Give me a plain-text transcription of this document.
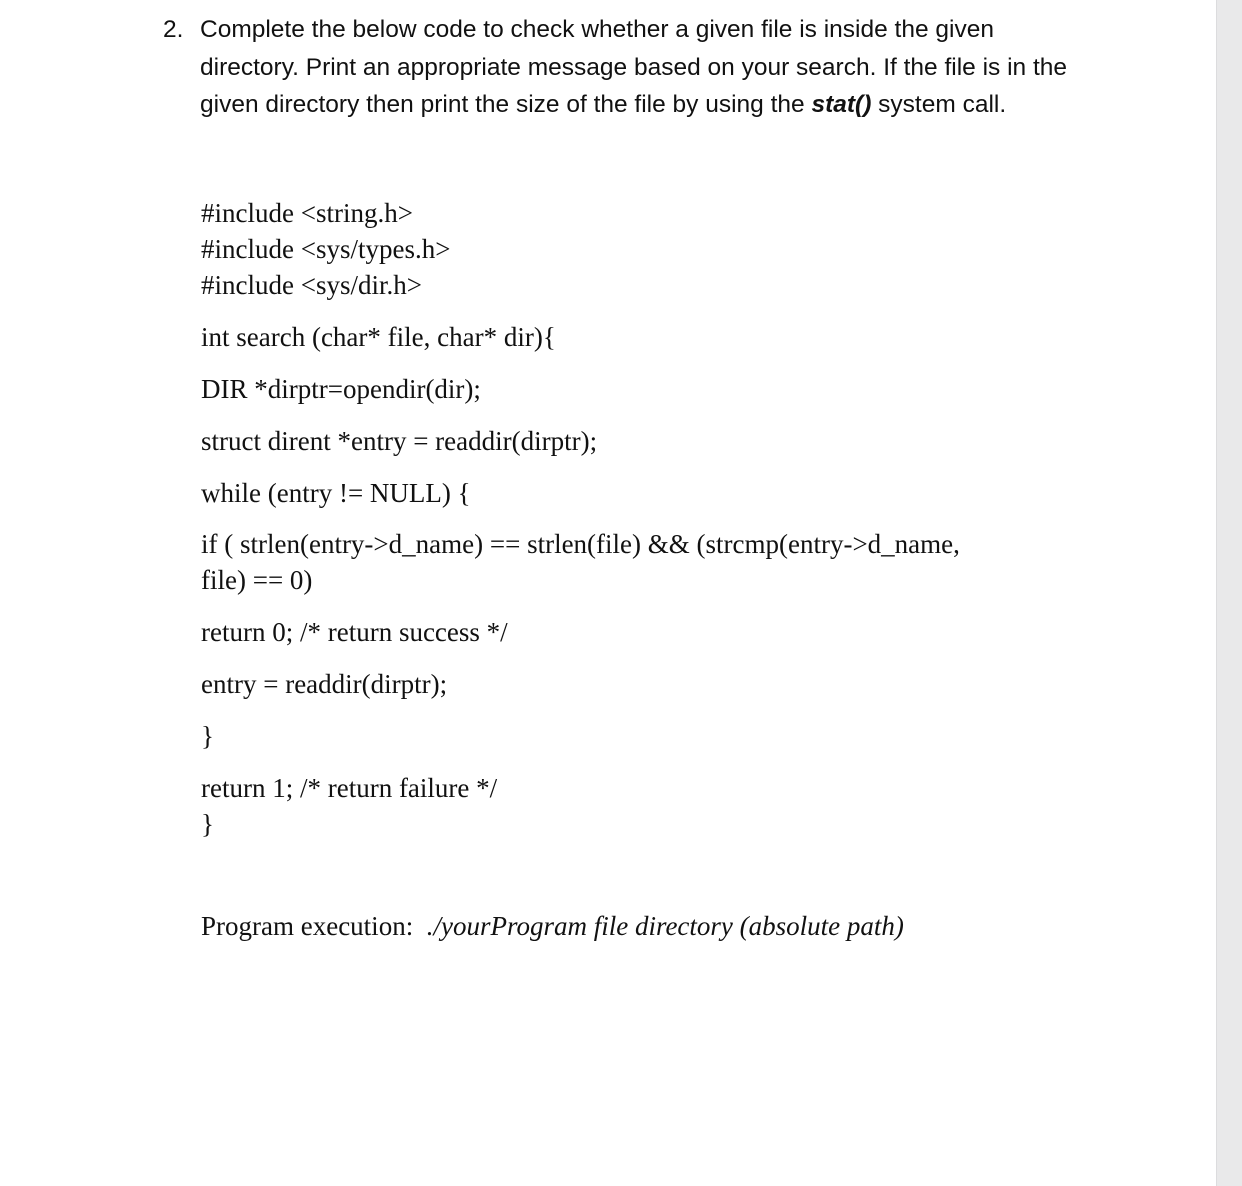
2. Complete the below code to check whether a given file is inside the given directory. Print an appropriate message based on your search. If the file is in the given directory then print the size of the file by using the stat() system call.

#include <string.h>
#include <sys/types.h>
#include <sys/dir.h>
int search (char* file, char* dir){
DIR *dirptr=opendir(dir);
struct dirent *entry = readdir(dirptr);
while (entry != NULL) {
if ( strlen(entry->d_name) == strlen(file) && (strcmp(entry->d_name,
file) == 0)
return 0; /* return success */
entry = readdir(dirptr);
}
return 1; /* return failure */
}
Program execution:  ./yourProgram file directory (absolute path)
